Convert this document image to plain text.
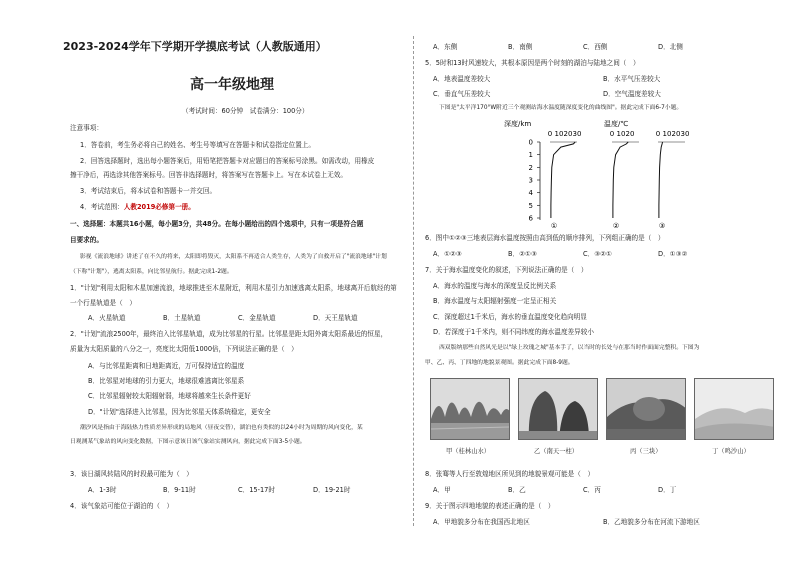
2023-2024学年下学期开学摸底考试（人教版通用）
高一年级地理
（考试时间：60分钟　试卷满分：100分）
注意事项：
1．答卷前，考生务必将自己的姓名、考生号等填写在答题卡和试卷指定位置上。
2．回答选择题时，选出每小题答案后，用铅笔把答题卡对应题目的答案标号涂黑。如需改动，用橡皮
擦干净后，再选涂其他答案标号。回答非选择题时，将答案写在答题卡上。写在本试卷上无效。
3．考试结束后，将本试卷和答题卡一并交回。
4．考试范围：人教2019必修第一册。
一、选择题：本题共16小题，每小题3分，共48分。在每小题给出的四个选项中，只有一项是符合题
目要求的。
影视《流浪地球》讲述了在不久的将来，太阳即将毁灭，太阳系不再适合人类生存，人类为了自救开启了"流浪地球"计划
（下称"计划"），逃离太阳系，向比邻星航行。据此完成1-2题。
1．"计划"利用太阳和木星加速流浪，地球推进至木星附近，利用木星引力加速逃离太阳系，地球离开后航经的第
一个行星轨道是（　）
A．火星轨道	B．土星轨道	C．金星轨道	D．天王星轨道
2．"计划"流浪2500年，最终泊入比邻星轨道，成为比邻星的行星。比邻星是距太阳外离太阳系最近的恒星，
质量为太阳质量的八分之一，亮度比太阳低1000倍，下列说法正确的是（　）
A．与比邻星距离和日地距离近，万可保持适宜的温度
B．比邻星对地球的引力更大，地球很难逃离比邻星系
C．比邻星辐射较太阳辐射弱，地球将越来生长条件更好
D．"计划"选择进入比邻星，因为比邻星天体系统稳定，更安全
潮汐风是指由于海陆热力性质差异形成的局地风（昼夜交替），湖泊也有类似的以24小时为周期的风向变化，某
日观测某气象站的风向变化数据，下图示意该日该气象站实测风向，据此完成下面3-5小题。
3．该日湖风转陆风的时段最可能为（　）
A．1-3时	B．9-11时	C．15-17时	D．19-21时
4．该气象站可能位于湖泊的（　）
A．东侧	B．南侧	C．西侧	D．北侧
5．5时和13时风速较大，其根本原因是两个时刻的湖泊与陆地之间（　）
A．地表温度差较大	B．水平气压差较大
C．垂直气压差较大	D．空气温度差较大
下图是"太平洋170°W附近三个观测站海水温度随深度变化的曲线图"。据此完成下面6-7小题。
深度/km	温度/℃
0 10 20 30	0 10 20	0 10 20 30
0
1
2
3
4
5
6
①	②	③
6．图中①②③三地表层海水温度按照由高到低的顺序排列，下列组正确的是（　）
A．①②③	B．②①③	C．③②①	D．①③②
7．关于海水温度变化的叙述，下列说法正确的是（　）
A．海水的温度与海水的深度呈反比例关系
B．海水温度与太阳辐射强度一定呈正相关
C．深度超过1千米后，海水的垂直温度变化趋向明显
D．若深度于1千米内，则不同纬度的海水温度差异较小
西双版纳那些自然风光是以"绿上玫瑰之城"基本手了，以当时的长处与在那当时作面面完整积。下图为
甲、乙、丙、丁四地的地貌景观图。据此完成下面8-9题。
甲（桂林山水）	乙（南天一柱）	丙（三块）	丁（鸣沙山）
8．张骞等人行至敦煌地区所见到的地貌景观可能是（　）
A．甲	B．乙	C．丙	D．丁
9．关于图示四地地貌的表述正确的是（　）
A．甲地貌多分布在我国西北地区	B．乙地貌多分布在河流下游地区
